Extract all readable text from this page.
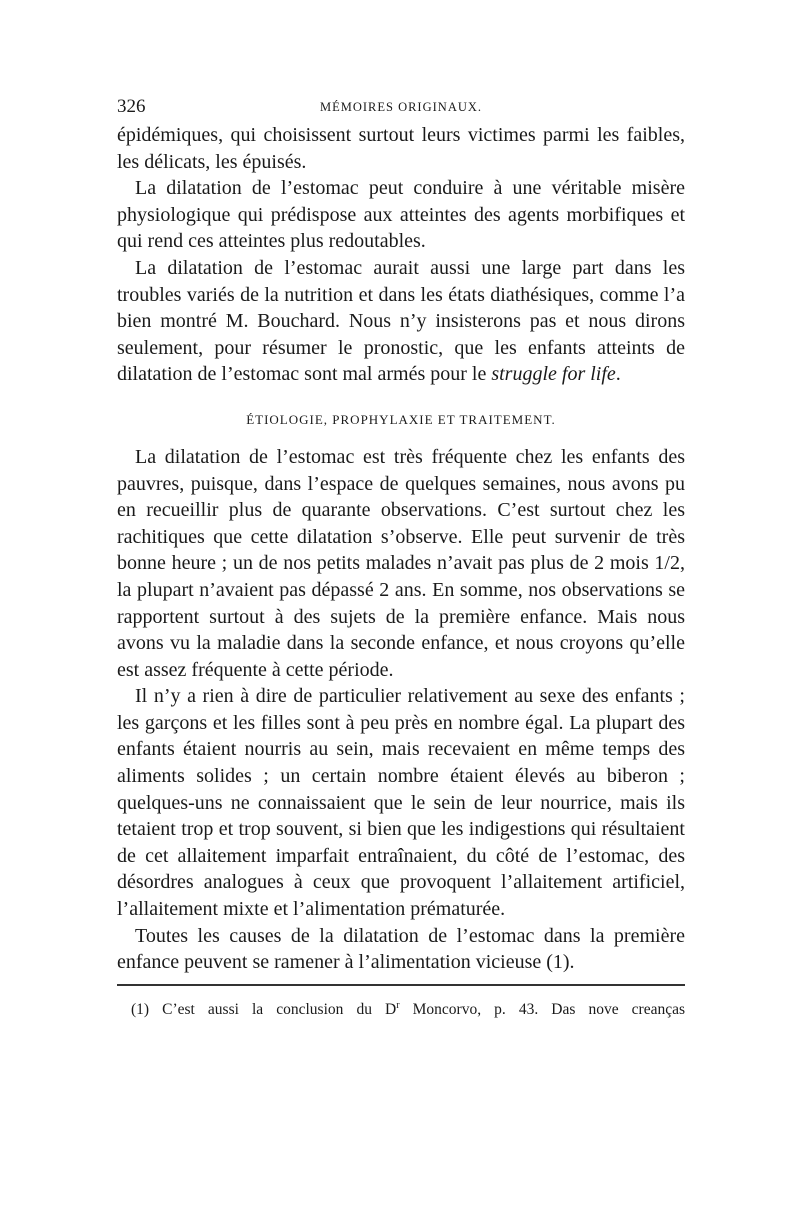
326	MÉMOIRES ORIGINAUX.

épidémiques, qui choisissent surtout leurs victimes parmi les faibles, les délicats, les épuisés.

La dilatation de l’estomac peut conduire à une véritable misère physiologique qui prédispose aux atteintes des agents morbifiques et qui rend ces atteintes plus redoutables.

La dilatation de l’estomac aurait aussi une large part dans les troubles variés de la nutrition et dans les états diathésiques, comme l’a bien montré M. Bouchard. Nous n’y insisterons pas et nous dirons seulement, pour résumer le pronostic, que les enfants atteints de dilatation de l’estomac sont mal armés pour le struggle for life.

ÉTIOLOGIE, PROPHYLAXIE ET TRAITEMENT.

La dilatation de l’estomac est très fréquente chez les enfants des pauvres, puisque, dans l’espace de quelques semaines, nous avons pu en recueillir plus de quarante observations. C’est surtout chez les rachitiques que cette dilatation s’observe. Elle peut survenir de très bonne heure ; un de nos petits malades n’avait pas plus de 2 mois 1/2, la plupart n’avaient pas dépassé 2 ans. En somme, nos observations se rapportent surtout à des sujets de la première enfance. Mais nous avons vu la maladie dans la seconde enfance, et nous croyons qu’elle est assez fréquente à cette période.

Il n’y a rien à dire de particulier relativement au sexe des enfants ; les garçons et les filles sont à peu près en nombre égal. La plupart des enfants étaient nourris au sein, mais recevaient en même temps des aliments solides ; un certain nombre étaient élevés au biberon ; quelques-uns ne connaissaient que le sein de leur nourrice, mais ils tetaient trop et trop souvent, si bien que les indigestions qui résultaient de cet allaitement imparfait entraînaient, du côté de l’estomac, des désordres analogues à ceux que provoquent l’allaitement artificiel, l’allaitement mixte et l’alimentation prématurée.

Toutes les causes de la dilatation de l’estomac dans la première enfance peuvent se ramener à l’alimentation vicieuse (1).

(1) C’est aussi la conclusion du $D^r$ Moncorvo, p. 43. Das nove creanças
